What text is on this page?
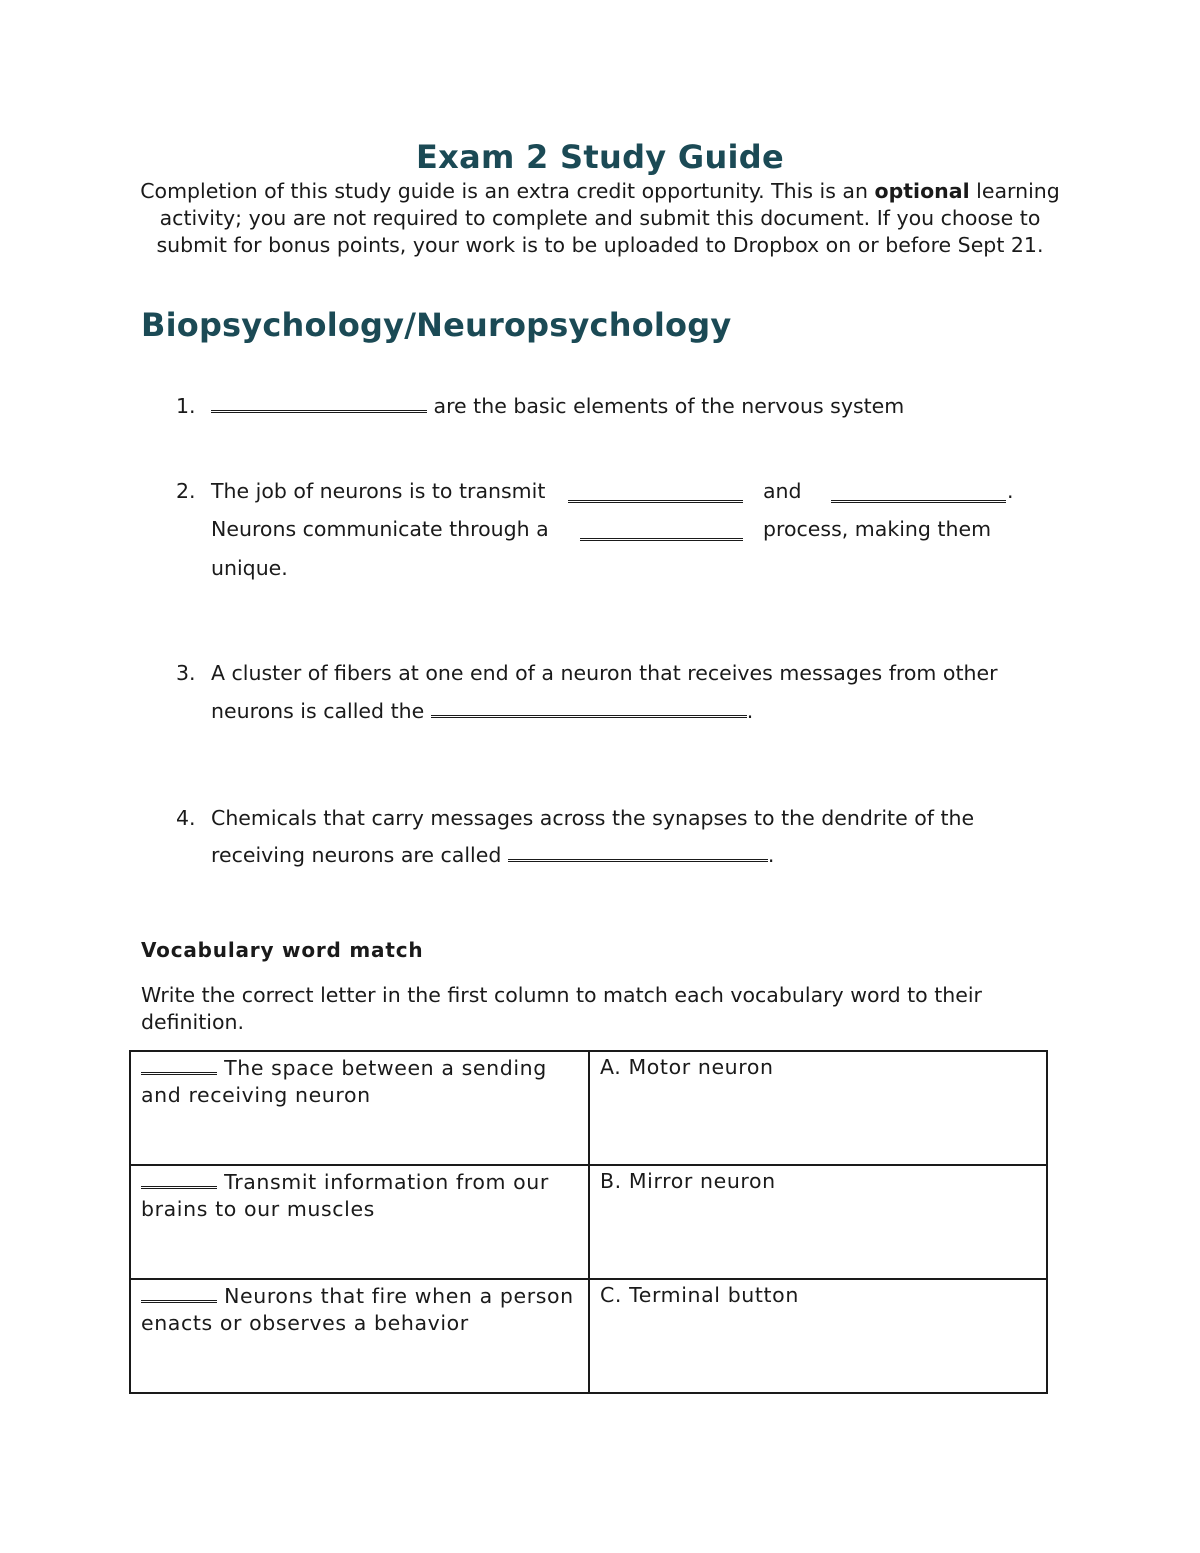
Exam 2 Study Guide
Completion of this study guide is an extra credit opportunity. This is an optional learning activity; you are not required to complete and submit this document. If you choose to submit for bonus points, your work is to be uploaded to Dropbox on or before Sept 21.
Biopsychology/Neuropsychology
1.	are the basic elements of the nervous system
2. The job of neurons is to transmit	and	.
Neurons communicate through a	process, making them
unique.
3. A cluster of fibers at one end of a neuron that receives messages from other neurons is called the	.
4. Chemicals that carry messages across the synapses to the dendrite of the receiving neurons are called	.
Vocabulary word match
Write the correct letter in the first column to match each vocabulary word to their definition.
The space between a sending and receiving neuron	A. Motor neuron
Transmit information from our brains to our muscles	B. Mirror neuron
Neurons that fire when a person enacts or observes a behavior	C. Terminal button
